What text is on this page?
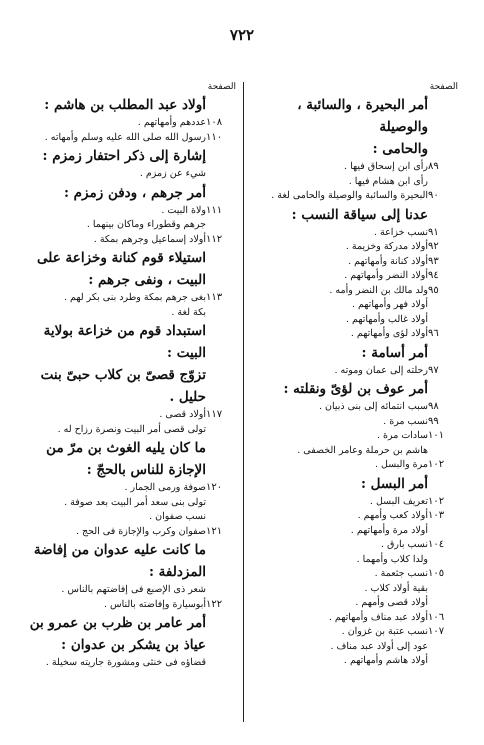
٧٢٢
الصفحة
أمر البحيرة ، والسائبة ، والوصيلة
والحامى :
٨٩
رأى ابن إسحاق فيها .
رأى ابن هشام فيها .
٩٠
البحيرة والسائبة والوصيلة والحامى لغة .
عدنا إلى سياقة النسب :
٩١
نسب خزاعة .
٩٢
أولاد مدركة وخزيمة .
٩٣
أولاد كنانة وأمهاتهم .
٩٤
أولاد النضر وأمهاتهم .
٩٥
ولد مالك بن النضر وأمه .
أولاد فهر وأمهاتهم .
أولاد غالب وأمهاتهم .
٩٦
أولاد لؤى وأمهاتهم .
أمر أسامة :
٩٧
رحلته إلى عمان وموته .
أمر عوف بن لؤىّ ونقلته :
٩٨
سبب انتمائه إلى بنى ذبيان .
٩٩
نسب مرة .
١٠١
سادات مرة .
هاشم بن حرملة وعامر الخصفى .
١٠٢
مرة والبسل .
أمر البسل :
١٠٢
تعريف البسل .
١٠٣
أولاد كعب وأمهم .
أولاد مرة وأمهاتهم .
١٠٤
نسب بارق .
ولدا كلاب وأمهما .
١٠٥
نسب جثعمة .
بقية أولاد كلاب .
أولاد قصى وأمهم .
١٠٦
أولاد عبد مناف وأمهاتهم .
١٠٧
نسب عتبة بن غزوان .
عود إلى أولاد عبد مناف .
أولاد هاشم وأمهاتهم .
الصفحة
أولاد عبد المطلب بن هاشم :
١٠٨
عددهم وأمهاتهم .
١١٠
رسول الله صلى الله عليه وسلم وأمهاته .
إشارة إلى ذكر احتفار زمزم :
شيء عن زمزم .
أمر جرهم ، ودفن زمزم :
١١١
ولاة البيت .
جرهم وقطوراء وماكان بينهما .
١١٢
أولاد إسماعيل وجرهم بمكة .
استيلاء قوم كنانة وخزاعة على
البيت ، ونفى جرهم :
١١٣
بغى جرهم بمكة وطرد بنى بكر لهم .
بكة لغة .
استبداد قوم من خزاعة بولاية
البيت :
تزوّج قصىّ بن كلاب حبىّ بنت
حليل .
١١٧
أولاد قصى .
تولى قصى أمر البيت ونصرة رزاح له .
ما كان يليه الغوث بن مرّ من
الإجازة للناس بالحجّ :
١٢٠
صوفة ورمى الجمار .
تولى بنى سعد أمر البيت بعد صوفة .
نسب صفوان .
١٢١
صفوان وكرب والإجازة فى الحج .
ما كانت عليه عدوان من إفاضة
المزدلفة :
شعر ذى الإصبع فى إفاضتهم بالناس .
١٢٢
أبوسيارة وإفاضته بالناس .
أمر عامر بن ظرب بن عمرو بن
عياذ بن يشكر بن عدوان :
قضاؤه فى خنثى ومشورة جاريته سخيلة .
